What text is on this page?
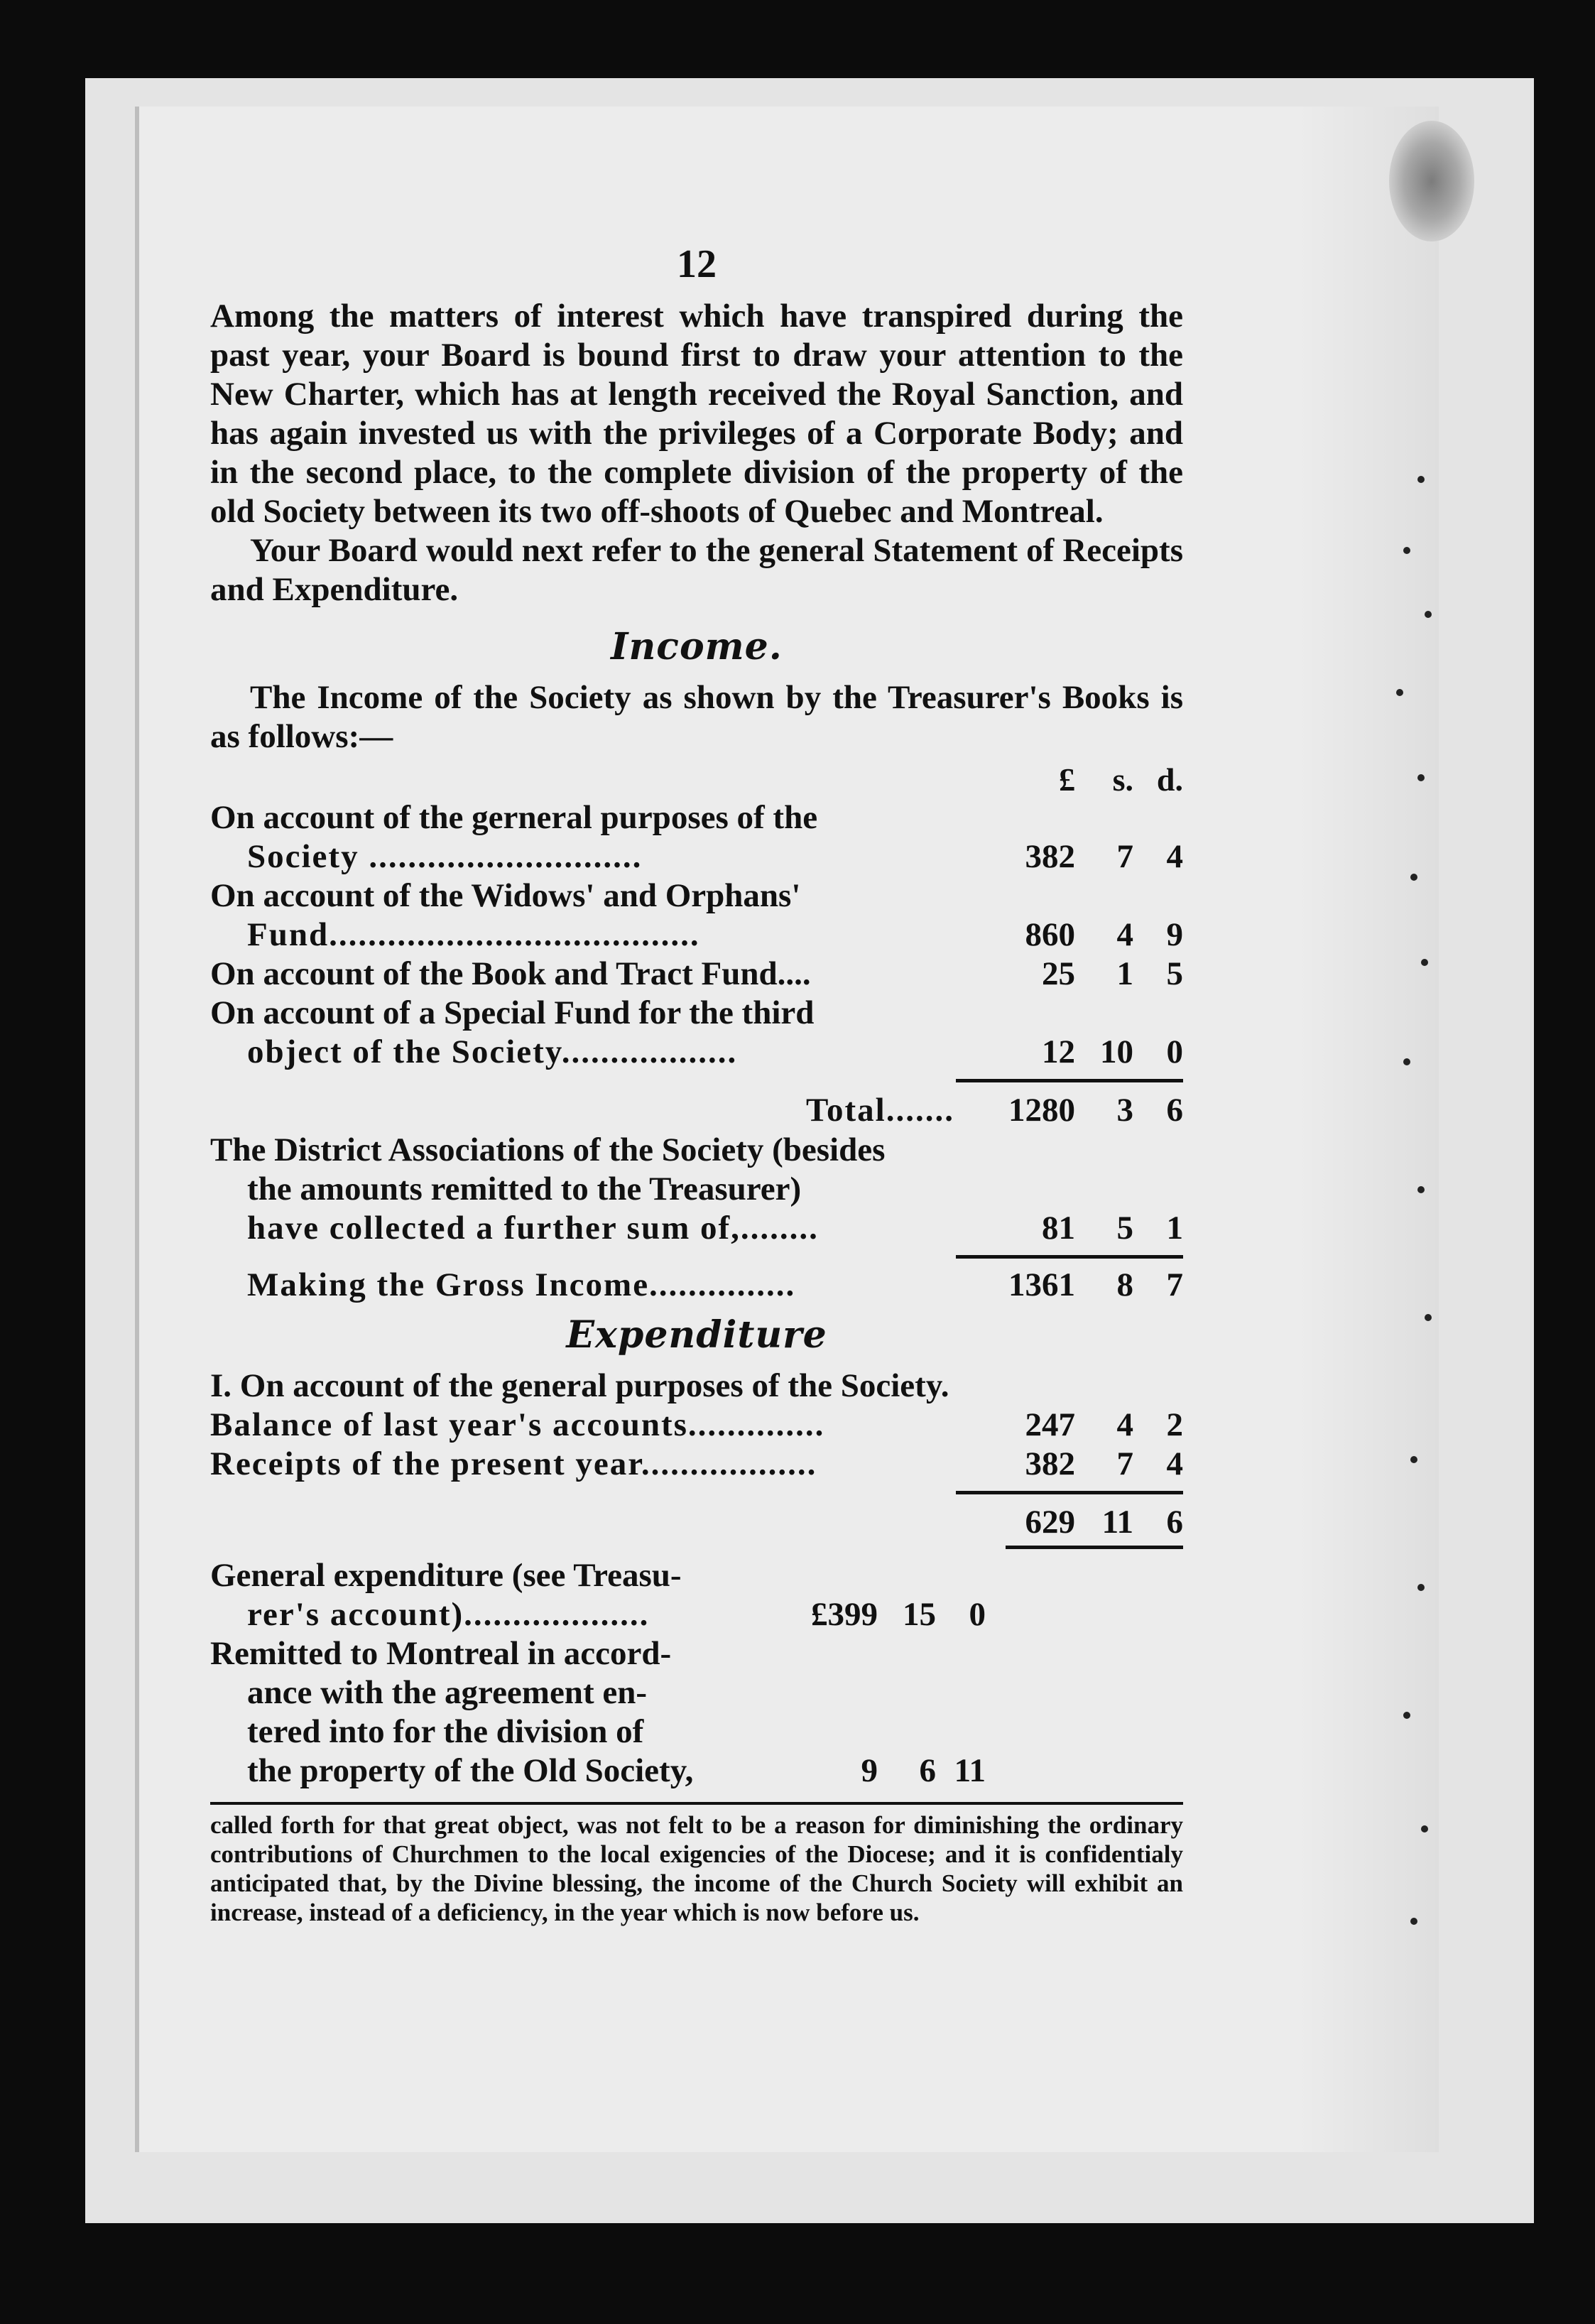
12

Among the matters of interest which have transpired during the past year, your Board is bound first to draw your attention to the New Charter, which has at length received the Royal Sanction, and has again invested us with the privileges of a Corporate Body; and in the second place, to the complete division of the property of the old Society between its two off-shoots of Quebec and Montreal.

Your Board would next refer to the general Statement of Receipts and Expenditure.

Income.

The Income of the Society as shown by the Treasurer's Books is as follows:—

£	s. d.
On account of the gerneral purposes of the
Society ............................	382	7 4
On account of the Widows' and Orphans'
Fund......................................	860	4 9
On account of the Book and Tract Fund....	25	1 5
On account of a Special Fund for the third
object of the Society..................	12 10 0
Total.......	1280	3 6
The District Associations of the Society (besides
the amounts remitted to the Treasurer)
have collected a further sum of,........	81	5 1
Making the Gross Income...............	1361	8 7
Expenditure
I. On account of the general purposes of the Society.
Balance of last year's accounts..............	247	4 2
Receipts of the present year..................	382	7 4
629 11 6
General expenditure (see Treasu-
rer's account)...................	£399 15 0
Remitted to Montreal in accord-
ance with the agreement en-
tered into for the division of
the property of the Old Society,	9	6 11
called forth for that great object, was not felt to be a reason for diminishing the ordinary contributions of Churchmen to the local exigencies of the Diocese; and it is confidentialy anticipated that, by the Divine blessing, the income of the Church Society will exhibit an increase, instead of a deficiency, in the year which is now before us.
